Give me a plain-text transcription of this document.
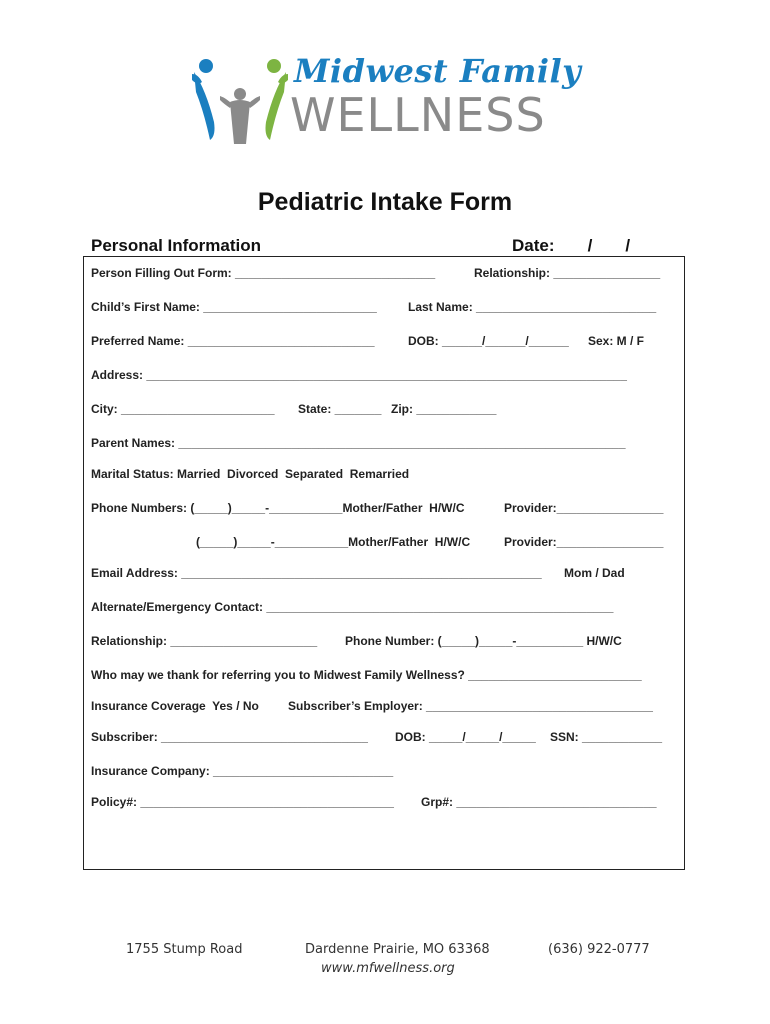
Midwest Family
WELLNESS
Pediatric Intake Form
Personal Information	Date:       /       /
Person Filling Out Form: ______________________________	Relationship: ________________
Child’s First Name: __________________________	Last Name: ___________________________
Preferred Name: ____________________________	DOB: ______/______/______ Sex: M / F
Address: ________________________________________________________________________
City: _______________________ State: _______ Zip: ____________
Parent Names: ___________________________________________________________________
Marital Status: Married  Divorced  Separated  Remarried
Phone Numbers: (_____)_____-___________Mother/Father  H/W/C	Provider:________________
(_____)_____-___________Mother/Father  H/W/C	Provider:________________
Email Address: ______________________________________________________ Mom / Dad
Alternate/Emergency Contact: ____________________________________________________
Relationship: ______________________ Phone Number: (_____)_____-__________ H/W/C
Who may we thank for referring you to Midwest Family Wellness? __________________________
Insurance Coverage  Yes / No Subscriber’s Employer: __________________________________
Subscriber: _______________________________ DOB: _____/_____/_____ SSN: ____________
Insurance Company: ___________________________
Policy#: ______________________________________ Grp#: ______________________________
1755 Stump Road	Dardenne Prairie, MO 63368
www.mfwellness.org
(636) 922-0777
